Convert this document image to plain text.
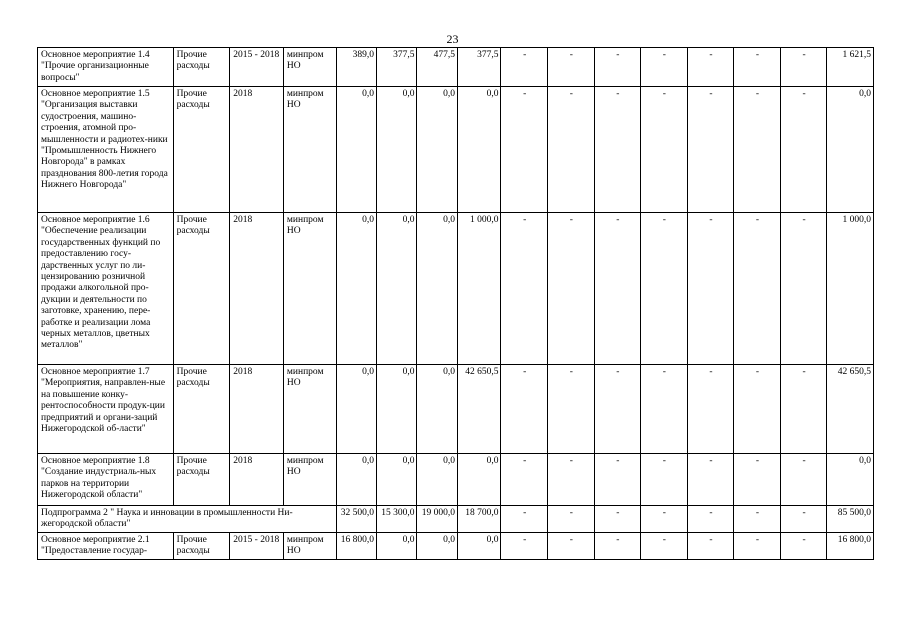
23
Основное мероприятие 1.4 "Прочие организационные вопросы"	Прочие расходы	2015 - 2018	минпром НО	389,0	377,5	477,5	377,5	-	-	-	-	-	-	-	1 621,5
Основное мероприятие 1.5 "Организация выставки судостроения, машино-строения, атомной про-мышленности и радиотех-ники "Промышленность Нижнего Новгорода" в рамках празднования 800-летия города Нижнего Новгорода"	Прочие расходы	2018	минпром НО	0,0	0,0	0,0	0,0	-	-	-	-	-	-	-	0,0
Основное мероприятие 1.6 "Обеспечение реализации государственных функций по предоставлению госу-дарственных услуг по ли-цензированию розничной продажи алкогольной про-дукции и деятельности по заготовке, хранению, пере-работке и реализации лома черных металлов, цветных металлов"	Прочие расходы	2018	минпром НО	0,0	0,0	0,0	1 000,0	-	-	-	-	-	-	-	1 000,0
Основное мероприятие 1.7 "Мероприятия, направлен-ные на повышение конку-рентоспособности продук-ции предприятий и органи-заций Нижегородской об-ласти"	Прочие расходы	2018	минпром НО	0,0	0,0	0,0	42 650,5	-	-	-	-	-	-	-	42 650,5
Основное мероприятие 1.8 "Создание индустриаль-ных парков на территории Нижегородской области"	Прочие расходы	2018	минпром НО	0,0	0,0	0,0	0,0	-	-	-	-	-	-	-	0,0
Подпрограмма 2 " Наука и инновации в промышленности Ни-жегородской области"				32 500,0	15 300,0	19 000,0	18 700,0	-	-	-	-	-	-	-	85 500,0
Основное мероприятие 2.1 "Предоставление государ-	Прочие расходы	2015 - 2018	минпром НО	16 800,0	0,0	0,0	0,0	-	-	-	-	-	-	-	16 800,0
